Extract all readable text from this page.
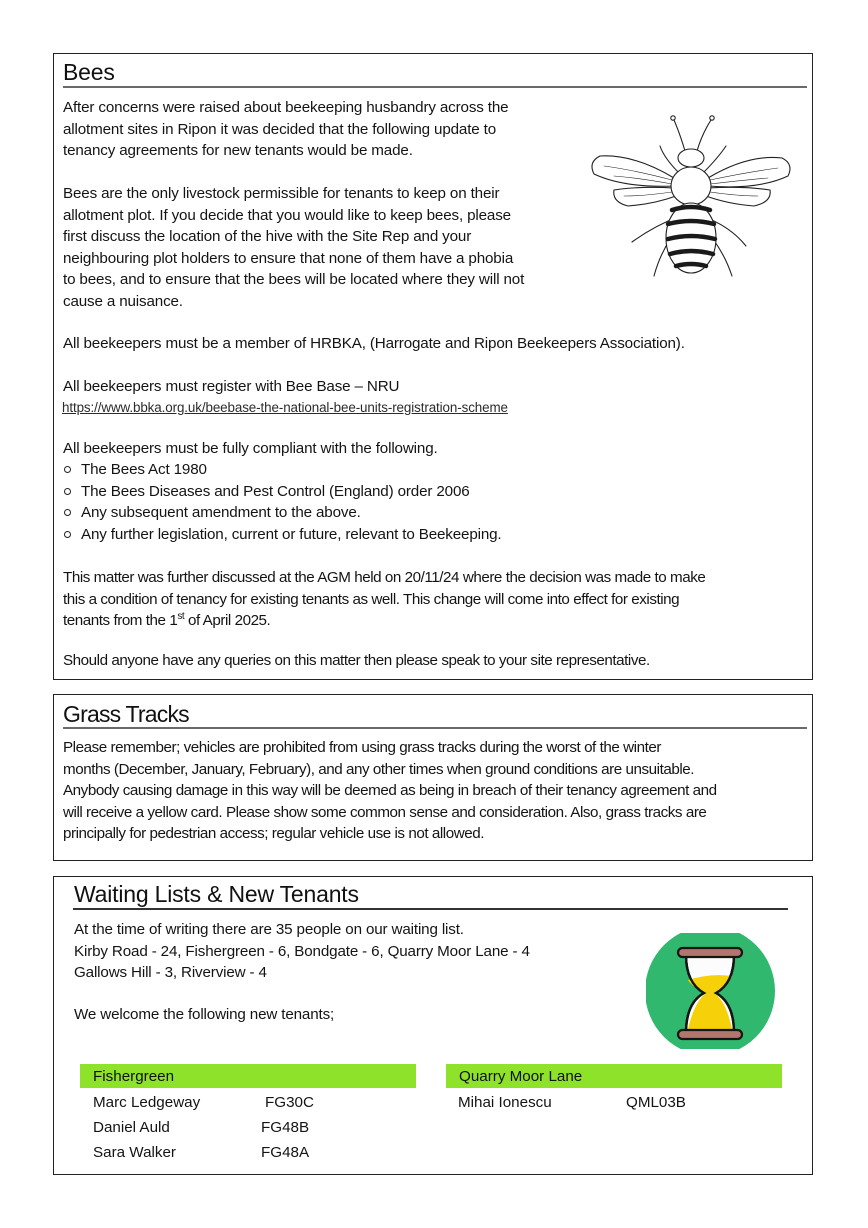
Bees

After concerns were raised about beekeeping husbandry across the
allotment sites in Ripon it was decided that the following update to
tenancy agreements for new tenants would be made.

Bees are the only livestock permissible for tenants to keep on their
allotment plot. If you decide that you would like to keep bees, please
first discuss the location of the hive with the Site Rep and your
neighbouring plot holders to ensure that none of them have a phobia
to bees, and to ensure that the bees will be located where they will not
cause a nuisance.

All beekeepers must be a member of HRBKA, (Harrogate and Ripon Beekeepers Association).

All beekeepers must register with Bee Base – NRU

https://www.bbka.org.uk/beebase-the-national-bee-units-registration-scheme

All beekeepers must be fully compliant with the following.

The Bees Act 1980
The Bees Diseases and Pest Control (England) order 2006
Any subsequent amendment to the above.
Any further legislation, current or future, relevant to Beekeeping.

This matter was further discussed at the AGM held on 20/11/24 where the decision was made to make
this a condition of tenancy for existing tenants as well. This change will come into effect for existing
tenants from the 1st of April 2025.

Should anyone have any queries on this matter then please speak to your site representative.

Grass Tracks

Please remember; vehicles are prohibited from using grass tracks during the worst of the winter
months (December, January, February), and any other times when ground conditions are unsuitable.
Anybody causing damage in this way will be deemed as being in breach of their tenancy agreement and
will receive a yellow card. Please show some common sense and consideration. Also, grass tracks are
principally for pedestrian access; regular vehicle use is not allowed.

Waiting Lists & New Tenants

At the time of writing there are 35 people on our waiting list.
Kirby Road - 24, Fishergreen - 6, Bondgate - 6, Quarry Moor Lane - 4
Gallows Hill - 3, Riverview - 4

We welcome the following new tenants;

Fishergreen
Marc Ledgeway	FG30C
Daniel Auld	FG48B
Sara Walker	FG48A
Quarry Moor Lane
Mihai Ionescu	QML03B
